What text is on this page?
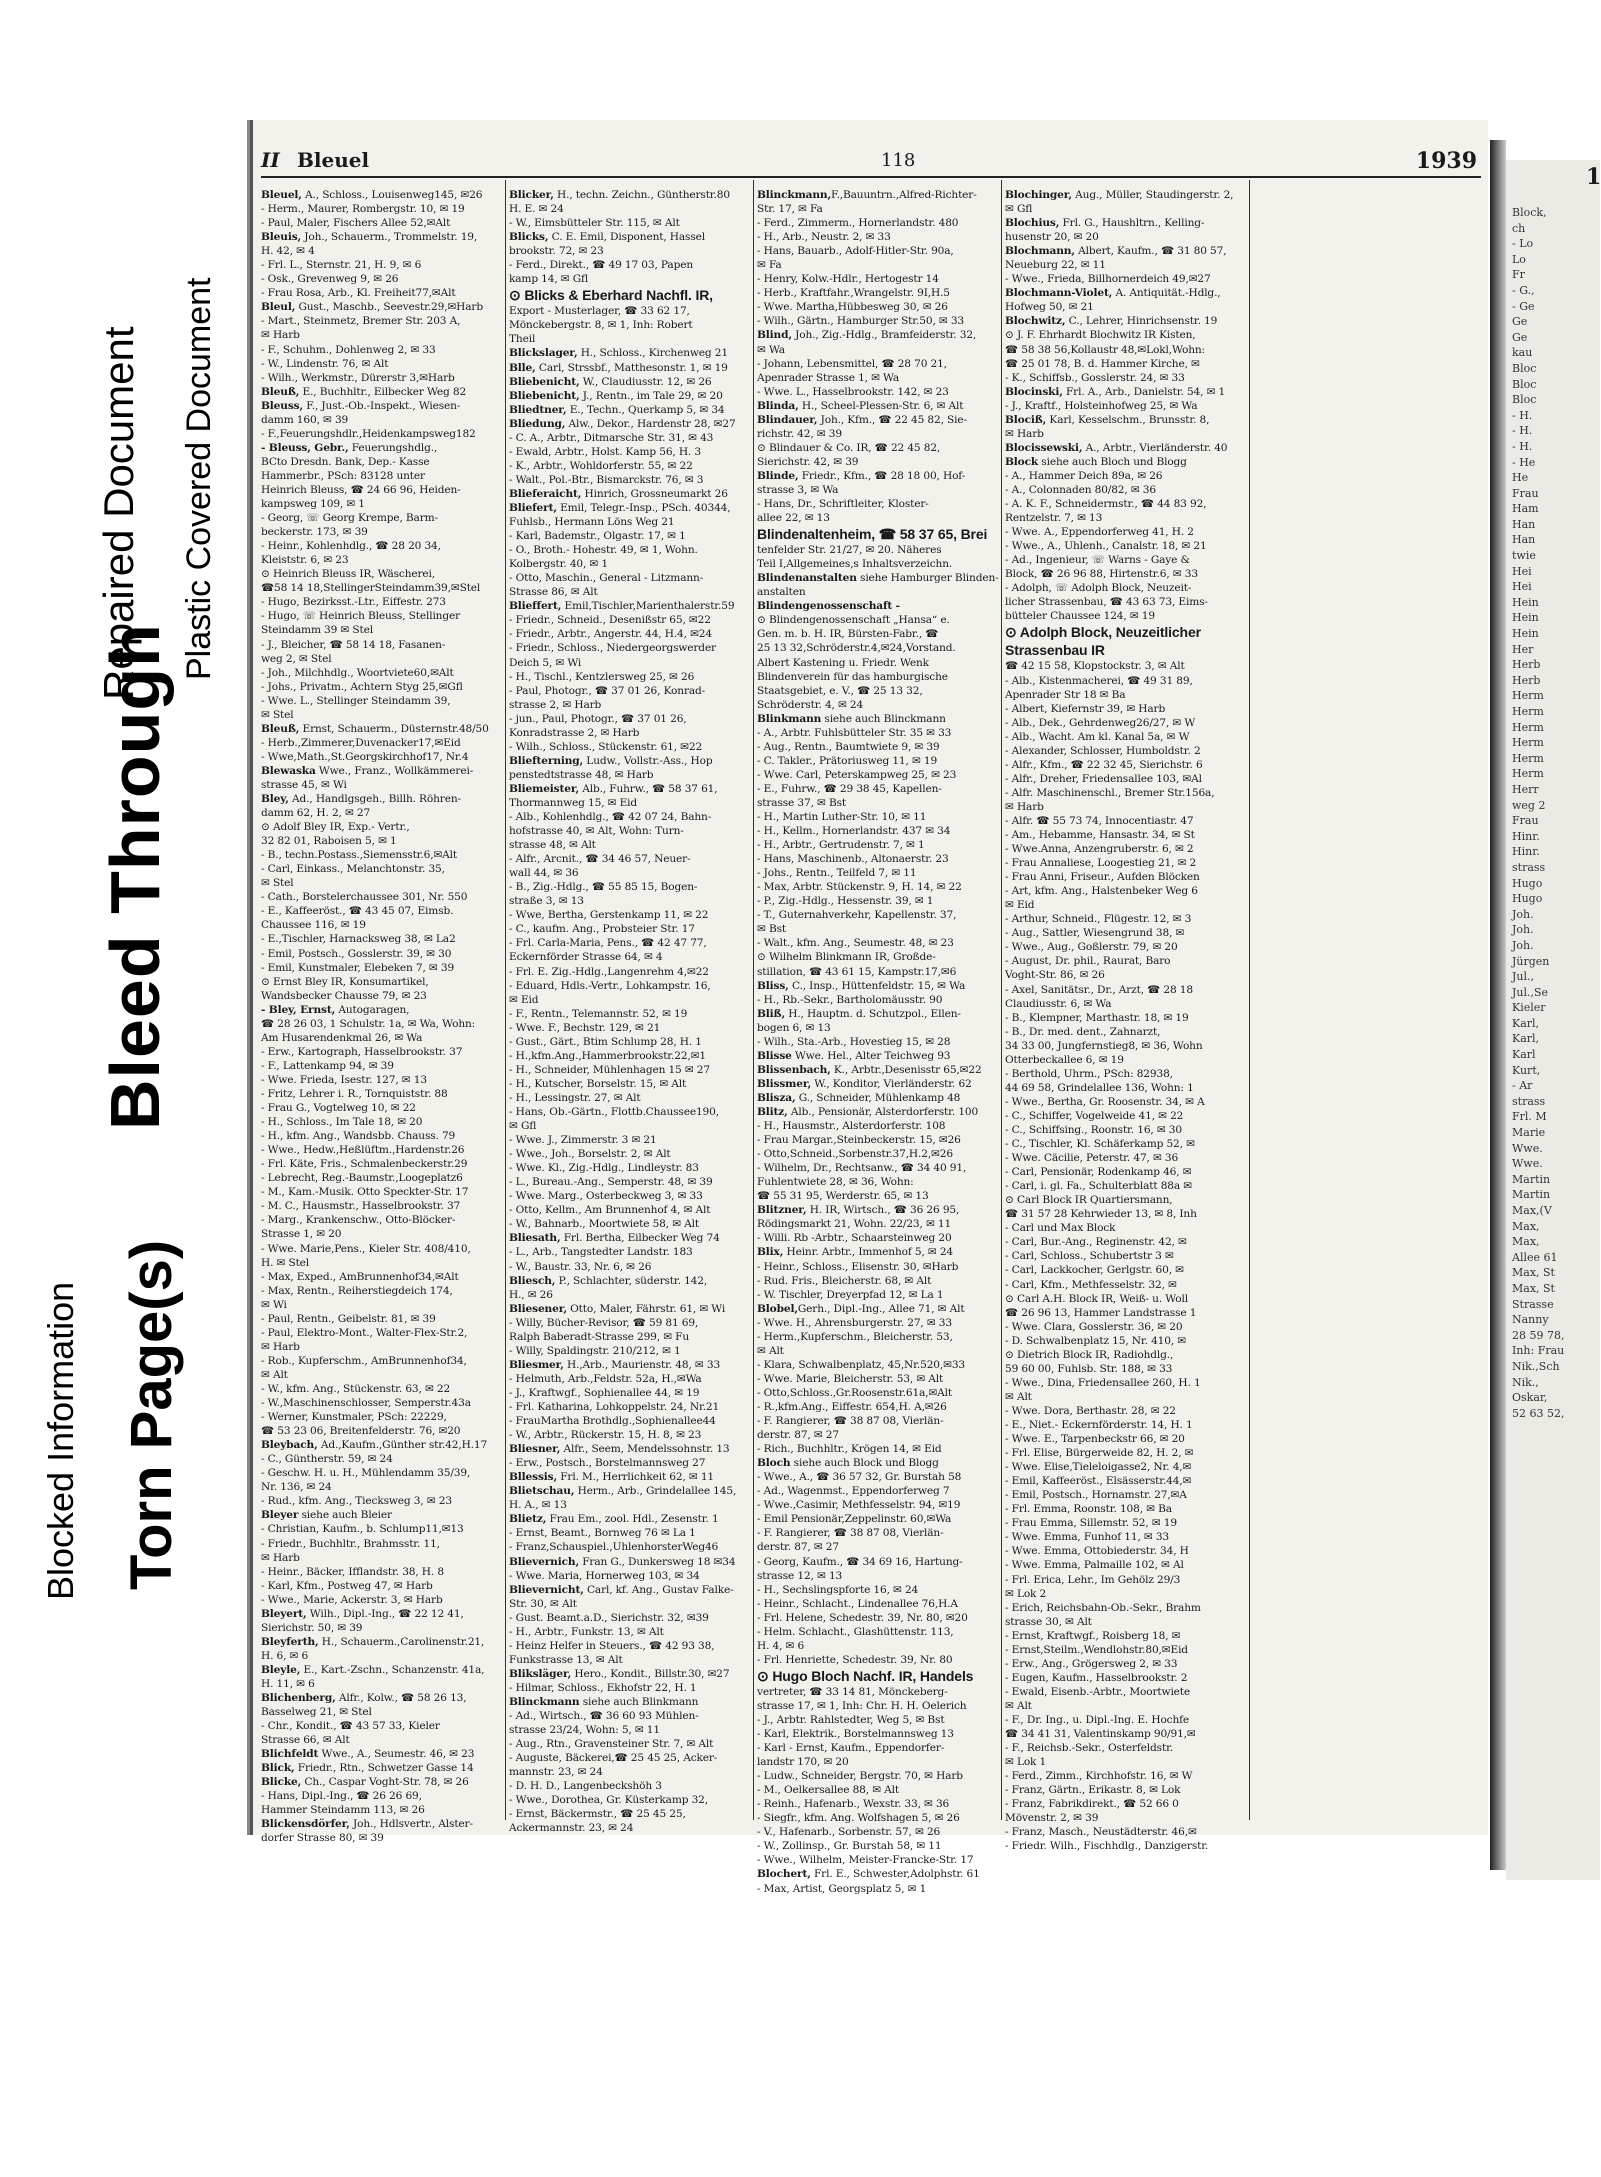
Blocked Information Torn Page(s)
Bleed Through
Repaired Document Plastic Covered Document
II Bleuel	118	1939
Bleuel, A., Schloss., Louisenweg145, ✉26
- Herm., Maurer, Rombergstr. 10, ✉ 19
- Paul, Maler, Fischers Allee 52,✉Alt
Bleuis, Joh., Schauerm., Trommelstr. 19,
H. 42, ✉ 4
- Frl. L., Sternstr. 21, H. 9, ✉ 6
- Osk., Grevenweg 9, ✉ 26
- Frau Rosa, Arb., Kl. Freiheit77,✉Alt
Bleul, Gust., Maschb., Seevestr.29,✉Harb
- Mart., Steinmetz, Bremer Str. 203 A,
✉ Harb
- F., Schuhm., Dohlenweg 2, ✉ 33
- W., Lindenstr. 76, ✉ Alt
- Wilh., Werkmstr., Dürerstr 3,✉Harb
Bleuß, E., Buchhltr., Eilbecker Weg 82
Bleuss, F., Just.-Ob.-Inspekt., Wiesen-
damm 160, ✉ 39
- F.,Feuerungshdlr.,Heidenkampsweg182
- Bleuss, Gebr., Feuerungshdlg.,
BCto Dresdn. Bank, Dep.- Kasse
Hammerbr., PSch: 83128 unter
Heinrich Bleuss, ☎ 24 66 96, Heiden-
kampsweg 109, ✉ 1
- Georg, ☏ Georg Krempe, Barm-
beckerstr. 173, ✉ 39
- Heinr., Kohlenhdlg., ☎ 28 20 34,
Kleiststr. 6, ✉ 23
⊙ Heinrich Bleuss IR, Wäscherei,
☎58 14 18,StellingerSteindamm39,✉Stel
- Hugo, Bezirksst.-Ltr., Eiffestr. 273
- Hugo, ☏ Heinrich Bleuss, Stellinger
Steindamm 39 ✉ Stel
- J., Bleicher, ☎ 58 14 18, Fasanen-
weg 2, ✉ Stel
- Joh., Milchhdlg., Woortviete60,✉Alt
- Johs., Privatm., Achtern Styg 25,✉Gfl
- Wwe. L., Stellinger Steindamm 39,
✉ Stel
Bleuß, Ernst, Schauerm., Düsternstr.48/50
- Herb.,Zimmerer,Duvenacker17,✉Eid
- Wwe,Math.,St.Georgskirchhof17, Nr.4
Blewaska Wwe., Franz., Wollkämmerei-
strasse 45, ✉ Wi
Bley, Ad., Handlgsgeh., Billh. Röhren-
damm 62, H. 2, ✉ 27
⊙ Adolf Bley IR, Exp.- Vertr.,
32 82 01, Raboisen 5, ✉ 1
- B., techn.Postass.,Siemensstr.6,✉Alt
- Carl, Einkass., Melanchtonstr. 35,
✉ Stel
- Cath., Borstelerchaussee 301, Nr. 550
- E., Kaffeeröst., ☎ 43 45 07, Eimsb.
Chaussee 116, ✉ 19
- E.,Tischler, Harnacksweg 38, ✉ La2
- Emil, Postsch., Gosslerstr. 39, ✉ 30
- Emil, Kunstmaler, Elebeken 7, ✉ 39
⊙ Ernst Bley IR, Konsumartikel,
Wandsbecker Chausse 79, ✉ 23
- Bley, Ernst, Autogaragen,
☎ 28 26 03, 1 Schulstr. 1a, ✉ Wa, Wohn:
Am Husarendenkmal 26, ✉ Wa
- Erw., Kartograph, Hasselbrookstr. 37
- F., Lattenkamp 94, ✉ 39
- Wwe. Frieda, Isestr. 127, ✉ 13
- Fritz, Lehrer i. R., Tornquiststr. 88
- Frau G., Vogtelweg 10, ✉ 22
- H., Schloss., Im Tale 18, ✉ 20
- H., kfm. Ang., Wandsbb. Chauss. 79
- Wwe., Hedw.,Heßlüftm.,Hardenstr.26
- Frl. Käte, Fris., Schmalenbeckerstr.29
- Lebrecht, Reg.-Baumstr.,Loogeplatz6
- M., Kam.-Musik. Otto Speckter-Str. 17
- M. C., Hausmstr., Hasselbrookstr. 37
- Marg., Krankenschw., Otto-Blöcker-
Strasse 1, ✉ 20
- Wwe. Marie,Pens., Kieler Str. 408/410,
H. ✉ Stel
- Max, Exped., AmBrunnenhof34,✉Alt
- Max, Rentn., Reiherstiegdeich 174,
✉ Wi
- Paul, Rentn., Geibelstr. 81, ✉ 39
- Paul, Elektro-Mont., Walter-Flex-Str.2,
✉ Harb
- Rob., Kupferschm., AmBrunnenhof34,
✉ Alt
- W., kfm. Ang., Stückenstr. 63, ✉ 22
- W.,Maschinenschlosser, Semperstr.43a
- Werner, Kunstmaler, PSch: 22229,
☎ 53 23 06, Breitenfelderstr. 76, ✉20
Bleybach, Ad.,Kaufm.,Günther str.42,H.17
- C., Güntherstr. 59, ✉ 24
- Geschw. H. u. H., Mühlendamm 35/39,
Nr. 136, ✉ 24
- Rud., kfm. Ang., Tieckswеg 3, ✉ 23
Bleyer siehe auch Bleier
- Christian, Kaufm., b. Schlump11,✉13
- Friedr., Buchhltr., Brahmsstr. 11,
✉ Harb
- Heinr., Bäcker, Ifflandstr. 38, H. 8
- Karl, Kfm., Postweg 47, ✉ Harb
- Wwe., Marie, Ackerstr. 3, ✉ Harb
Bleyert, Wilh., Dipl.-Ing., ☎ 22 12 41,
Sierichstr. 50, ✉ 39
Bleyferth, H., Schauerm.,Carolinenstr.21,
H. 6, ✉ 6
Bleyle, E., Kart.-Zschn., Schanzenstr. 41a,
H. 11, ✉ 6
Blichenberg, Alfr., Kolw., ☎ 58 26 13,
Basselweg 21, ✉ Stel
- Chr., Kondit., ☎ 43 57 33, Kieler
Strasse 66, ✉ Alt
Blichfeldt Wwe., A., Seumestr. 46, ✉ 23
Blick, Friedr., Rtn., Schwetzer Gasse 14
Blicke, Ch., Caspar Voght-Str. 78, ✉ 26
- Hans, Dipl.-Ing., ☎ 26 26 69,
Hammer Steindamm 113, ✉ 26
Blickensdörfer, Joh., Hdlsvertr., Alster-
dorfer Strasse 80, ✉ 39
Blicker, H., techn. Zeichn., Güntherstr.80
H. E. ✉ 24
- W., Eimsbütteler Str. 115, ✉ Alt
Blicks, C. E. Emil, Disponent, Hassel
brookstr. 72, ✉ 23
- Ferd., Direkt., ☎ 49 17 03, Papen
kamp 14, ✉ Gfl
⊙ Blicks & Eberhard Nachfl. IR,
Export - Musterlager, ☎ 33 62 17,
Mönckebergstr. 8, ✉ 1, Inh: Robert
Theil
Blickslager, H., Schloss., Kirchenweg 21
Blle, Carl, Strssbf., Matthesonstr. 1, ✉ 19
Bliebenicht, W., Claudiusstr. 12, ✉ 26
Bliebenicht, J., Rentn., im Tale 29, ✉ 20
Bliedtner, E., Techn., Querkamp 5, ✉ 34
Bliedung, Alw., Dekor., Hardenstr 28, ✉27
- C. A., Arbtr., Ditmarsche Str. 31, ✉ 43
- Ewald, Arbtr., Holst. Kamp 56, H. 3
- K., Arbtr., Wohldorferstr. 55, ✉ 22
- Walt., Pol.-Btr., Bismarckstr. 76, ✉ 3
Blieferaicht, Hinrich, Grossneumarkt 26
Bliefert, Emil, Telegr.-Insp., PSch. 40344,
Fuhlsb., Hermann Löns Weg 21
- Karl, Bademstr., Olgastr. 17, ✉ 1
- O., Broth.- Hohestr. 49, ✉ 1, Wohn.
Kolbergstr. 40, ✉ 1
- Otto, Maschin., General - Litzmann-
Strasse 86, ✉ Alt
Blieffert, Emil,Tischler,Marienthalerstr.59
- Friedr., Schneid., Desenißstr 65, ✉22
- Friedr., Arbtr., Angerstr. 44, H.4, ✉24
- Friedr., Schloss., Niedergeorgswerder
Deich 5, ✉ Wi
- H., Tischl., Kentzlersweg 25, ✉ 26
- Paul, Photogr., ☎ 37 01 26, Konrad-
strasse 2, ✉ Harb
- jun., Paul, Photogr., ☎ 37 01 26,
Konradstrasse 2, ✉ Harb
- Wilh., Schloss., Stückenstr. 61, ✉22
Bliefterning, Ludw., Vollstr.-Ass., Hop
penstedtstrasse 48, ✉ Harb
Bliemeister, Alb., Fuhrw., ☎ 58 37 61,
Thormannweg 15, ✉ Eid
- Alb., Kohlenhdlg., ☎ 42 07 24, Bahn-
hofstrasse 40, ✉ Alt, Wohn: Turn-
strasse 48, ✉ Alt
- Alfr., Arcnit., ☎ 34 46 57, Neuer-
wall 44, ✉ 36
- B., Zig.-Hdlg., ☎ 55 85 15, Bogen-
straße 3, ✉ 13
- Wwe, Bertha, Gerstenkamp 11, ✉ 22
- C., kaufm. Ang., Probsteier Str. 17
- Frl. Carla-Maria, Pens., ☎ 42 47 77,
Eckernförder Strasse 64, ✉ 4
- Frl. E. Zig.-Hdlg.,Langenrehm 4,✉22
- Eduard, Hdls.-Vertr., Lohkampstr. 16,
✉ Eid
- F., Rentn., Telemannstr. 52, ✉ 19
- Wwe. F., Bechstr. 129, ✉ 21
- Gust., Gärt., Btim Schlump 28, H. 1
- H.,kfm.Ang.,Hammerbrookstr.22,✉1
- H., Schneider, Mühlenhagen 15 ✉ 27
- H., Kutscher, Borselstr. 15, ✉ Alt
- H., Lessingstr. 27, ✉ Alt
- Hans, Ob.-Gärtn., Flottb.Chaussee190,
✉ Gfl
- Wwe. J., Zimmerstr. 3 ✉ 21
- Wwe., Joh., Borselstr. 2, ✉ Alt
- Wwe. Kl., Zig.-Hdlg., Lindleystr. 83
- L., Bureau.-Ang., Semperstr. 48, ✉ 39
- Wwe. Marg., Osterbeckweg 3, ✉ 33
- Otto, Kellm., Am Brunnenhof 4, ✉ Alt
- W., Bahnarb., Moortwiete 58, ✉ Alt
Bliesath, Frl. Bertha, Eilbecker Weg 74
- L., Arb., Tangstedter Landstr. 183
- W., Baustr. 33, Nr. 6, ✉ 26
Bliesch, P., Schlachter, süderstr. 142,
H., ✉ 26
Bliesener, Otto, Maler, Fährstr. 61, ✉ Wi
- Willy, Bücher-Revisor, ☎ 59 81 69,
Ralph Baberadt-Strasse 299, ✉ Fu
- Willy, Spaldingstr. 210/212, ✉ 1
Bliesmer, H.,Arb., Maurienstr. 48, ✉ 33
- Helmuth, Arb.,Feldstr. 52a, H.,✉Wa
- J., Kraftwgf., Sophienallee 44, ✉ 19
- Frl. Katharina, Lohkoppelstr. 24, Nr.21
- FrauMartha Brothdlg.,Sophienallee44
- W., Arbtr., Rückerstr. 15, H. 8, ✉ 23
Bliesner, Alfr., Seem, Mendelssohnstr. 13
- Erw., Postsch., Borstelmannsweg 27
Bllessis, Frl. M., Herrlichkeit 62, ✉ 11
Blietschau, Herm., Arb., Grindelallee 145,
H. A., ✉ 13
Blietz, Frau Em., zool. Hdl., Zesenstr. 1
- Ernst, Beamt., Bornweg 76 ✉ La 1
- Franz,Schauspiel.,UhlenhorsterWeg46
Blievernich, Fran G., Dunkersweg 18 ✉34
- Wwe. Maria, Hornerweg 103, ✉ 34
Blievernicht, Carl, kf. Ang., Gustav Falke-
Str. 30, ✉ Alt
- Gust. Beamt.a.D., Sierichstr. 32, ✉39
- H., Arbtr., Funkstr. 13, ✉ Alt
- Heinz Helfer in Steuers., ☎ 42 93 38,
Funkstrasse 13, ✉ Alt
Bliksläger, Hero., Kondit., Billstr.30, ✉27
- Hilmar, Schloss., Ekhofstr 22, H. 1
Blinckmann siehe auch Blinkmann
- Ad., Wirtsch., ☎ 36 60 93 Mühlen-
strasse 23/24, Wohn: 5, ✉ 11
- Aug., Rtn., Gravensteiner Str. 7, ✉ Alt
- Auguste, Bäckerei,☎ 25 45 25, Acker-
mannstr. 23, ✉ 24
- D. H. D., Langenbeckshöh 3
- Wwe., Dorothea, Gr. Küsterkamp 32,
- Ernst, Bäckermstr., ☎ 25 45 25,
Ackermannstr. 23, ✉ 24
Blinckmann,F.,Bauuntrn.,Alfred-Richter-
Str. 17, ✉ Fa
- Ferd., Zimmerm., Hornerlandstr. 480
- H., Arb., Neustr. 2, ✉ 33
- Hans, Bauarb., Adolf-Hitler-Str. 90a,
✉ Fa
- Henry, Kolw.-Hdlr., Hertogestr 14
- Herb., Kraftfahr.,Wrangelstr. 9I,H.5
- Wwe. Martha,Hübbesweg 30, ✉ 26
- Wilh., Gärtn., Hamburger Str.50, ✉ 33
Blind, Joh., Zig.-Hdlg., Bramfeiderstr. 32,
✉ Wa
- Johann, Lebensmittel, ☎ 28 70 21,
Apenrader Strasse 1, ✉ Wa
- Wwe. L., Hasselbrookstr. 142, ✉ 23
Blinda, H., Scheel-Plessen-Str. 6, ✉ Alt
Blindauer, Joh., Kfm., ☎ 22 45 82, Sie-
richstr. 42, ✉ 39
⊙ Blindauer & Co. IR, ☎ 22 45 82,
Sierichstr. 42, ✉ 39
Blinde, Friedr., Kfm., ☎ 28 18 00, Hof-
strasse 3, ✉ Wa
- Hans, Dr., Schriftleiter, Kloster-
allee 22, ✉ 13
Blindenaltenheim, ☎ 58 37 65, Brei
tenfelder Str. 21/27, ✉ 20. Näheres
Teil I,Allgemeines,s Inhaltsverzeichn.
Blindenanstalten siehe Hamburger Blinden-
anstalten
Blindengenossenschaft -
⊙ Blindengenossenschaft „Hansa“ e.
Gen. m. b. H. IR, Bürsten-Fabr., ☎
25 13 32,Schröderstr.4,✉24,Vorstand.
Albert Kastening u. Friedr. Wenk
Blindenverein für das hamburgische
Staatsgebiet, e. V., ☎ 25 13 32,
Schröderstr. 4, ✉ 24
Blinkmann siehe auch Blinckmann
- A., Arbtr. Fuhlsbütteler Str. 35 ✉ 33
- Aug., Rentn., Baumtwiete 9, ✉ 39
- C. Takler., Prätoriusweg 11, ✉ 19
- Wwe. Carl, Peterskampweg 25, ✉ 23
- E., Fuhrw., ☎ 29 38 45, Kapellen-
strasse 37, ✉ Bst
- H., Martin Luther-Str. 10, ✉ 11
- H., Kellm., Hornerlandstr. 437 ✉ 34
- H., Arbtr., Gertrudenstr. 7, ✉ 1
- Hans, Maschinenb., Altonaerstr. 23
- Johs., Rentn., Teilfeld 7, ✉ 11
- Max, Arbtr. Stückenstr. 9, H. 14, ✉ 22
- P., Zig.-Hdlg., Hessenstr. 39, ✉ 1
- T., Guternahverkehr, Kapellenstr. 37,
✉ Bst
- Walt., kfm. Ang., Seumestr. 48, ✉ 23
⊙ Wilhelm Blinkmann IR, Großde-
stillation, ☎ 43 61 15, Kampstr.17,✉6
Bliss, C., Insp., Hüttenfeldstr. 15, ✉ Wa
- H., Rb.-Sekr., Bartholomäusstr. 90
Bliß, H., Hauptm. d. Schutzpol., Ellen-
bogen 6, ✉ 13
- Wilh., Sta.-Arb., Hovestieg 15, ✉ 28
Blisse Wwe. Hel., Alter Teichweg 93
Blissenbach, K., Arbtr.,Desenisstr 65,✉22
Blissmer, W., Konditor, Vierländerstr. 62
Blisza, G., Schneider, Mühlenkamp 48
Blitz, Alb., Pensionär, Alsterdorferstr. 100
- H., Hausmstr., Alsterdorferstr. 108
- Frau Margar.,Steinbeckerstr. 15, ✉26
- Otto,Schneid.,Sorbenstr.37,H.2,✉26
- Wilhelm, Dr., Rechtsanw., ☎ 34 40 91,
Fuhlentwiete 28, ✉ 36, Wohn:
☎ 55 31 95, Werderstr. 65, ✉ 13
Blitzner, H. IR, Wirtsch., ☎ 36 26 95,
Rödingsmarkt 21, Wohn. 22/23, ✉ 11
- Willi. Rb -Arbtr., Schaarsteinweg 20
Blix, Heinr. Arbtr., Immenhof 5, ✉ 24
- Heinr., Schloss., Elisenstr. 30, ✉Harb
- Rud. Fris., Bleicherstr. 68, ✉ Alt
- W. Tischler, Dreyerpfad 12, ✉ La 1
Blobel,Gerh., Dipl.-Ing., Allee 71, ✉ Alt
- Wwe. H., Ahrensburgerstr. 27, ✉ 33
- Herm.,Kupferschm., Bleicherstr. 53,
✉ Alt
- Klara, Schwalbenplatz, 45,Nr.520,✉33
- Wwe. Marie, Bleicherstr. 53, ✉ Alt
- Otto,Schloss.,Gr.Roosenstr.61a,✉Alt
- R.,kfm.Ang., Eiffestr. 654,H. A,✉26
- F. Rangierer, ☎ 38 87 08, Vierlän-
derstr. 87, ✉ 27
- Rich., Buchhltr., Krögen 14, ✉ Eid
Bloch siehe auch Block und Blogg
- Wwe., A., ☎ 36 57 32, Gr. Burstah 58
- Ad., Wagenmst., Eppendorferweg 7
- Wwe.,Casimir, Methfesselstr. 94, ✉19
- Emil Pensionär,Zeppelinstr. 60,✉Wa
- F. Rangierer, ☎ 38 87 08, Vierlän-
derstr. 87, ✉ 27
- Georg, Kaufm., ☎ 34 69 16, Hartung-
strasse 12, ✉ 13
- H., Sechslingspforte 16, ✉ 24
- Heinr., Schlacht., Lindenallee 76,H.A
- Frl. Helene, Schedestr. 39, Nr. 80, ✉20
- Helm. Schlacht., Glashüttenstr. 113,
H. 4, ✉ 6
- Frl. Henriette, Schedestr. 39, Nr. 80
⊙ Hugo Bloch Nachf. IR, Handels
vertreter, ☎ 33 14 81, Mönckeberg-
strasse 17, ✉ 1, Inh: Chr. H. H. Oelerich
- J., Arbtr. Rahlstedter, Weg 5, ✉ Bst
- Karl, Elektrik., Borstelmannsweg 13
- Karl - Ernst, Kaufm., Eppendorfer-
landstr 170, ✉ 20
- Ludw., Schneider, Bergstr. 70, ✉ Harb
- M., Oelkersallee 88, ✉ Alt
- Reinh., Hafenarb., Wexstr. 33, ✉ 36
- Siegfr., kfm. Ang. Wolfshagen 5, ✉ 26
- V., Hafenarb., Sorbenstr. 57, ✉ 26
- W., Zollinsp., Gr. Burstah 58, ✉ 11
- Wwe., Wilhelm, Meister-Francke-Str. 17
Blochert, Frl. E., Schwester,Adolphstr. 61
- Max, Artist, Georgsplatz 5, ✉ 1
Blochinger, Aug., Müller, Staudingerstr. 2,
✉ Gfl
Blochius, Frl. G., Haushltrn., Kelling-
husenstr 20, ✉ 20
Blochmann, Albert, Kaufm., ☎ 31 80 57,
Neueburg 22, ✉ 11
- Wwe., Frieda, Billhornerdeich 49,✉27
Blochmann-Violet, A. Antiquität.-Hdlg.,
Hofweg 50, ✉ 21
Blochwitz, C., Lehrer, Hinrichsenstr. 19
⊙ J. F. Ehrhardt Blochwitz IR Kisten,
☎ 58 38 56,Kollaustr 48,✉Lokl,Wohn:
☎ 25 01 78, B. d. Hammer Kirche, ✉
- K., Schiffsb., Gosslerstr. 24, ✉ 33
Blocinski, Frl. A., Arb., Danielstr. 54, ✉ 1
- J., Kraftf., Holsteinhofweg 25, ✉ Wa
Blociß, Karl, Kesselschm., Brunsstr. 8,
✉ Harb
Blocissewski, A., Arbtr., Vierländerstr. 40
Block siehe auch Bloch und Blogg
- A., Hammer Deich 89a, ✉ 26
- A., Colonnaden 80/82, ✉ 36
- A. K. F., Schneidermstr., ☎ 44 83 92,
Rentzelstr. 7, ✉ 13
- Wwe. A., Eppendorferweg 41, H. 2
- Wwe., A., Uhlenh., Canalstr. 18, ✉ 21
- Ad., Ingenieur, ☏ Warns - Gaye &
Block, ☎ 26 96 88, Hirtenstr.6, ✉ 33
- Adolph, ☏ Adolph Block, Neuzeit-
licher Strassenbau, ☎ 43 63 73, Eims-
bütteler Chaussee 124, ✉ 19
⊙ Adolph Block, Neuzeitlicher
Strassenbau IR
☎ 42 15 58, Klopstockstr. 3, ✉ Alt
- Alb., Kistenmacherei, ☎ 49 31 89,
Apenrader Str 18 ✉ Ba
- Albert, Kiefernstr 39, ✉ Harb
- Alb., Dek., Gehrdenweg26/27, ✉ W
- Alb., Wacht. Am kl. Kanal 5a, ✉ W
- Alexander, Schlosser, Humboldstr. 2
- Alfr., Kfm., ☎ 22 32 45, Sierichstr. 6
- Alfr., Dreher, Friedensallee 103, ✉Al
- Alfr. Maschinenschl., Bremer Str.156a,
✉ Harb
- Alfr. ☎ 55 73 74, Innocentiastr. 47
- Am., Hebamme, Hansastr. 34, ✉ St
- Wwe.Anna, Anzengruberstr. 6, ✉ 2
- Frau Annaliese, Loogestieg 21, ✉ 2
- Frau Anni, Friseur., Aufden Blöcken
- Art, kfm. Ang., Halstenbeker Weg 6
✉ Eid
- Arthur, Schneid., Flügestr. 12, ✉ 3
- Aug., Sattler, Wiesengrund 38, ✉
- Wwe., Aug., Goßlerstr. 79, ✉ 20
- August, Dr. phil., Raurat, Baro
Voght-Str. 86, ✉ 26
- Axel, Sanitätsr., Dr., Arzt, ☎ 28 18
Claudiusstr. 6, ✉ Wa
- B., Klempner, Marthastr. 18, ✉ 19
- B., Dr. med. dent., Zahnarzt,
34 33 00, Jungfernstieg8, ✉ 36, Wohn
Otterbeckallee 6, ✉ 19
- Berthold, Uhrm., PSch: 82938,
44 69 58, Grindelallee 136, Wohn: 1
- Wwe., Bertha, Gr. Roosenstr. 34, ✉ A
- C., Schiffer, Vogelweide 41, ✉ 22
- C., Schiffsing., Roonstr. 16, ✉ 30
- C., Tischler, Kl. Schäferkamp 52, ✉
- Wwe. Cäcilie, Peterstr. 47, ✉ 36
- Carl, Pensionär, Rodenkamp 46, ✉
- Carl, i. gl. Fa., Schulterblatt 88a ✉
⊙ Carl Block IR Quartiersmann,
☎ 31 57 28 Kehrwieder 13, ✉ 8, Inh
- Carl und Max Block
- Carl, Bur.-Ang., Reginenstr. 42, ✉
- Carl, Schloss., Schubertstr 3 ✉
- Carl, Lackkocher, Gerlgstr. 60, ✉
- Carl, Kfm., Methfesselstr. 32, ✉
⊙ Carl A.H. Block IR, Weiß- u. Woll
☎ 26 96 13, Hammer Landstrasse 1
- Wwe. Clara, Gosslerstr. 36, ✉ 20
- D. Schwalbenplatz 15, Nr. 410, ✉
⊙ Dietrich Block IR, Radiohdlg.,
59 60 00, Fuhlsb. Str. 188, ✉ 33
- Wwe., Dina, Friedensallee 260, H. 1
✉ Alt
- Wwe. Dora, Berthastr. 28, ✉ 22
- E., Niet.- Eckernförderstr. 14, H. 1
- Wwe. E., Tarpenbeckstr 66, ✉ 20
- Frl. Elise, Bürgerweide 82, H. 2, ✉
- Wwe. Elise,Tieleloigasse2, Nr. 4,✉
- Emil, Kaffeeröst., Elsässerstr.44,✉
- Emil, Postsch., Hornamstr. 27,✉A
- Frl. Emma, Roonstr. 108, ✉ Ba
- Frau Emma, Sillemstr. 52, ✉ 19
- Wwe. Emma, Funhof 11, ✉ 33
- Wwe. Emma, Ottobiederstr. 34, H
- Wwe. Emma, Palmaille 102, ✉ Al
- Frl. Erica, Lehr., Im Gehölz 29/3
✉ Lok 2
- Erich, Reichsbahn-Ob.-Sekr., Brahm
strasse 30, ✉ Alt
- Ernst, Kraftwgf., Roisberg 18, ✉
- Ernst,Steilm.,Wendlohstr.80,✉Eid
- Erw., Ang., Grögersweg 2, ✉ 33
- Eugen, Kaufm., Hasselbrookstr. 2
- Ewald, Eisenb.-Arbtr., Moortwiete
✉ Alt
- F., Dr. Ing., u. Dipl.-Ing. E. Hochfe
☎ 34 41 31, Valentinskamp 90/91,✉
- F., Reichsb.-Sekr., Osterfeldstr.
✉ Lok 1
- Ferd., Zimm., Kirchhofstr. 16, ✉ W
- Franz, Gärtn., Erikastr. 8, ✉ Lok
- Franz, Fabrikdirekt., ☎ 52 66 0
Mövenstr. 2, ✉ 39
- Franz, Masch., Neustädterstr. 46,✉
- Friedr. Wilh., Fischhdlg., Danzigerstr.
1
Block,
ch
- Lo
Lo
Fr
- G.,
- Ge
Ge
Ge
kau
Bloc
Bloc
Bloc
- H.
- H.
- H.
- He
He
Frau
Ham
Han
Han
twie
Hei
Hei
Hein
Hein
Hein
Her
Herb
Herb
Herm
Herm
Herm
Herm
Herm
Herm
Herr
weg 2
Frau
Hinr.
Hinr.
strass
Hugo
Hugo
Joh.
Joh.
Joh.
Jürgen
Jul.,
Jul.,Se
Kieler
Karl,
Karl,
Karl
Kurt,
- Ar
strass
Frl. M
Marie
Wwe.
Wwe.
Martin
Martin
Max,(V
Max,
Max,
Allee 61
Max, St
Max, St
Strasse
Nanny
28 59 78,
Inh: Frau
Nik.,Sch
Nik.,
Oskar,
52 63 52,
